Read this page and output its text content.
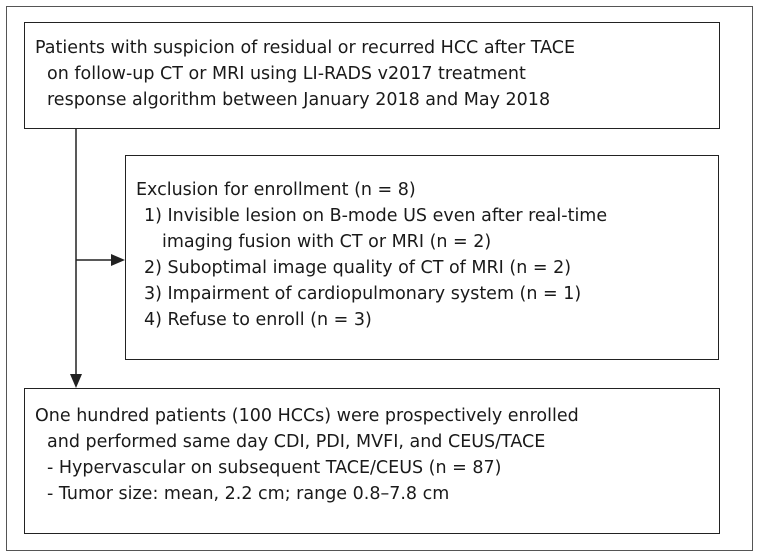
Patients with suspicion of residual or recurred HCC after TACE
on follow-up CT or MRI using LI-RADS v2017 treatment
response algorithm between January 2018 and May 2018
Exclusion for enrollment (n = 8)
1) Invisible lesion on B-mode US even after real-time
imaging fusion with CT or MRI (n = 2)
2) Suboptimal image quality of CT of MRI (n = 2)
3) Impairment of cardiopulmonary system (n = 1)
4) Refuse to enroll (n = 3)
One hundred patients (100 HCCs) were prospectively enrolled
and performed same day CDI, PDI, MVFI, and CEUS/TACE
- Hypervascular on subsequent TACE/CEUS (n = 87)
- Tumor size: mean, 2.2 cm; range 0.8–7.8 cm
